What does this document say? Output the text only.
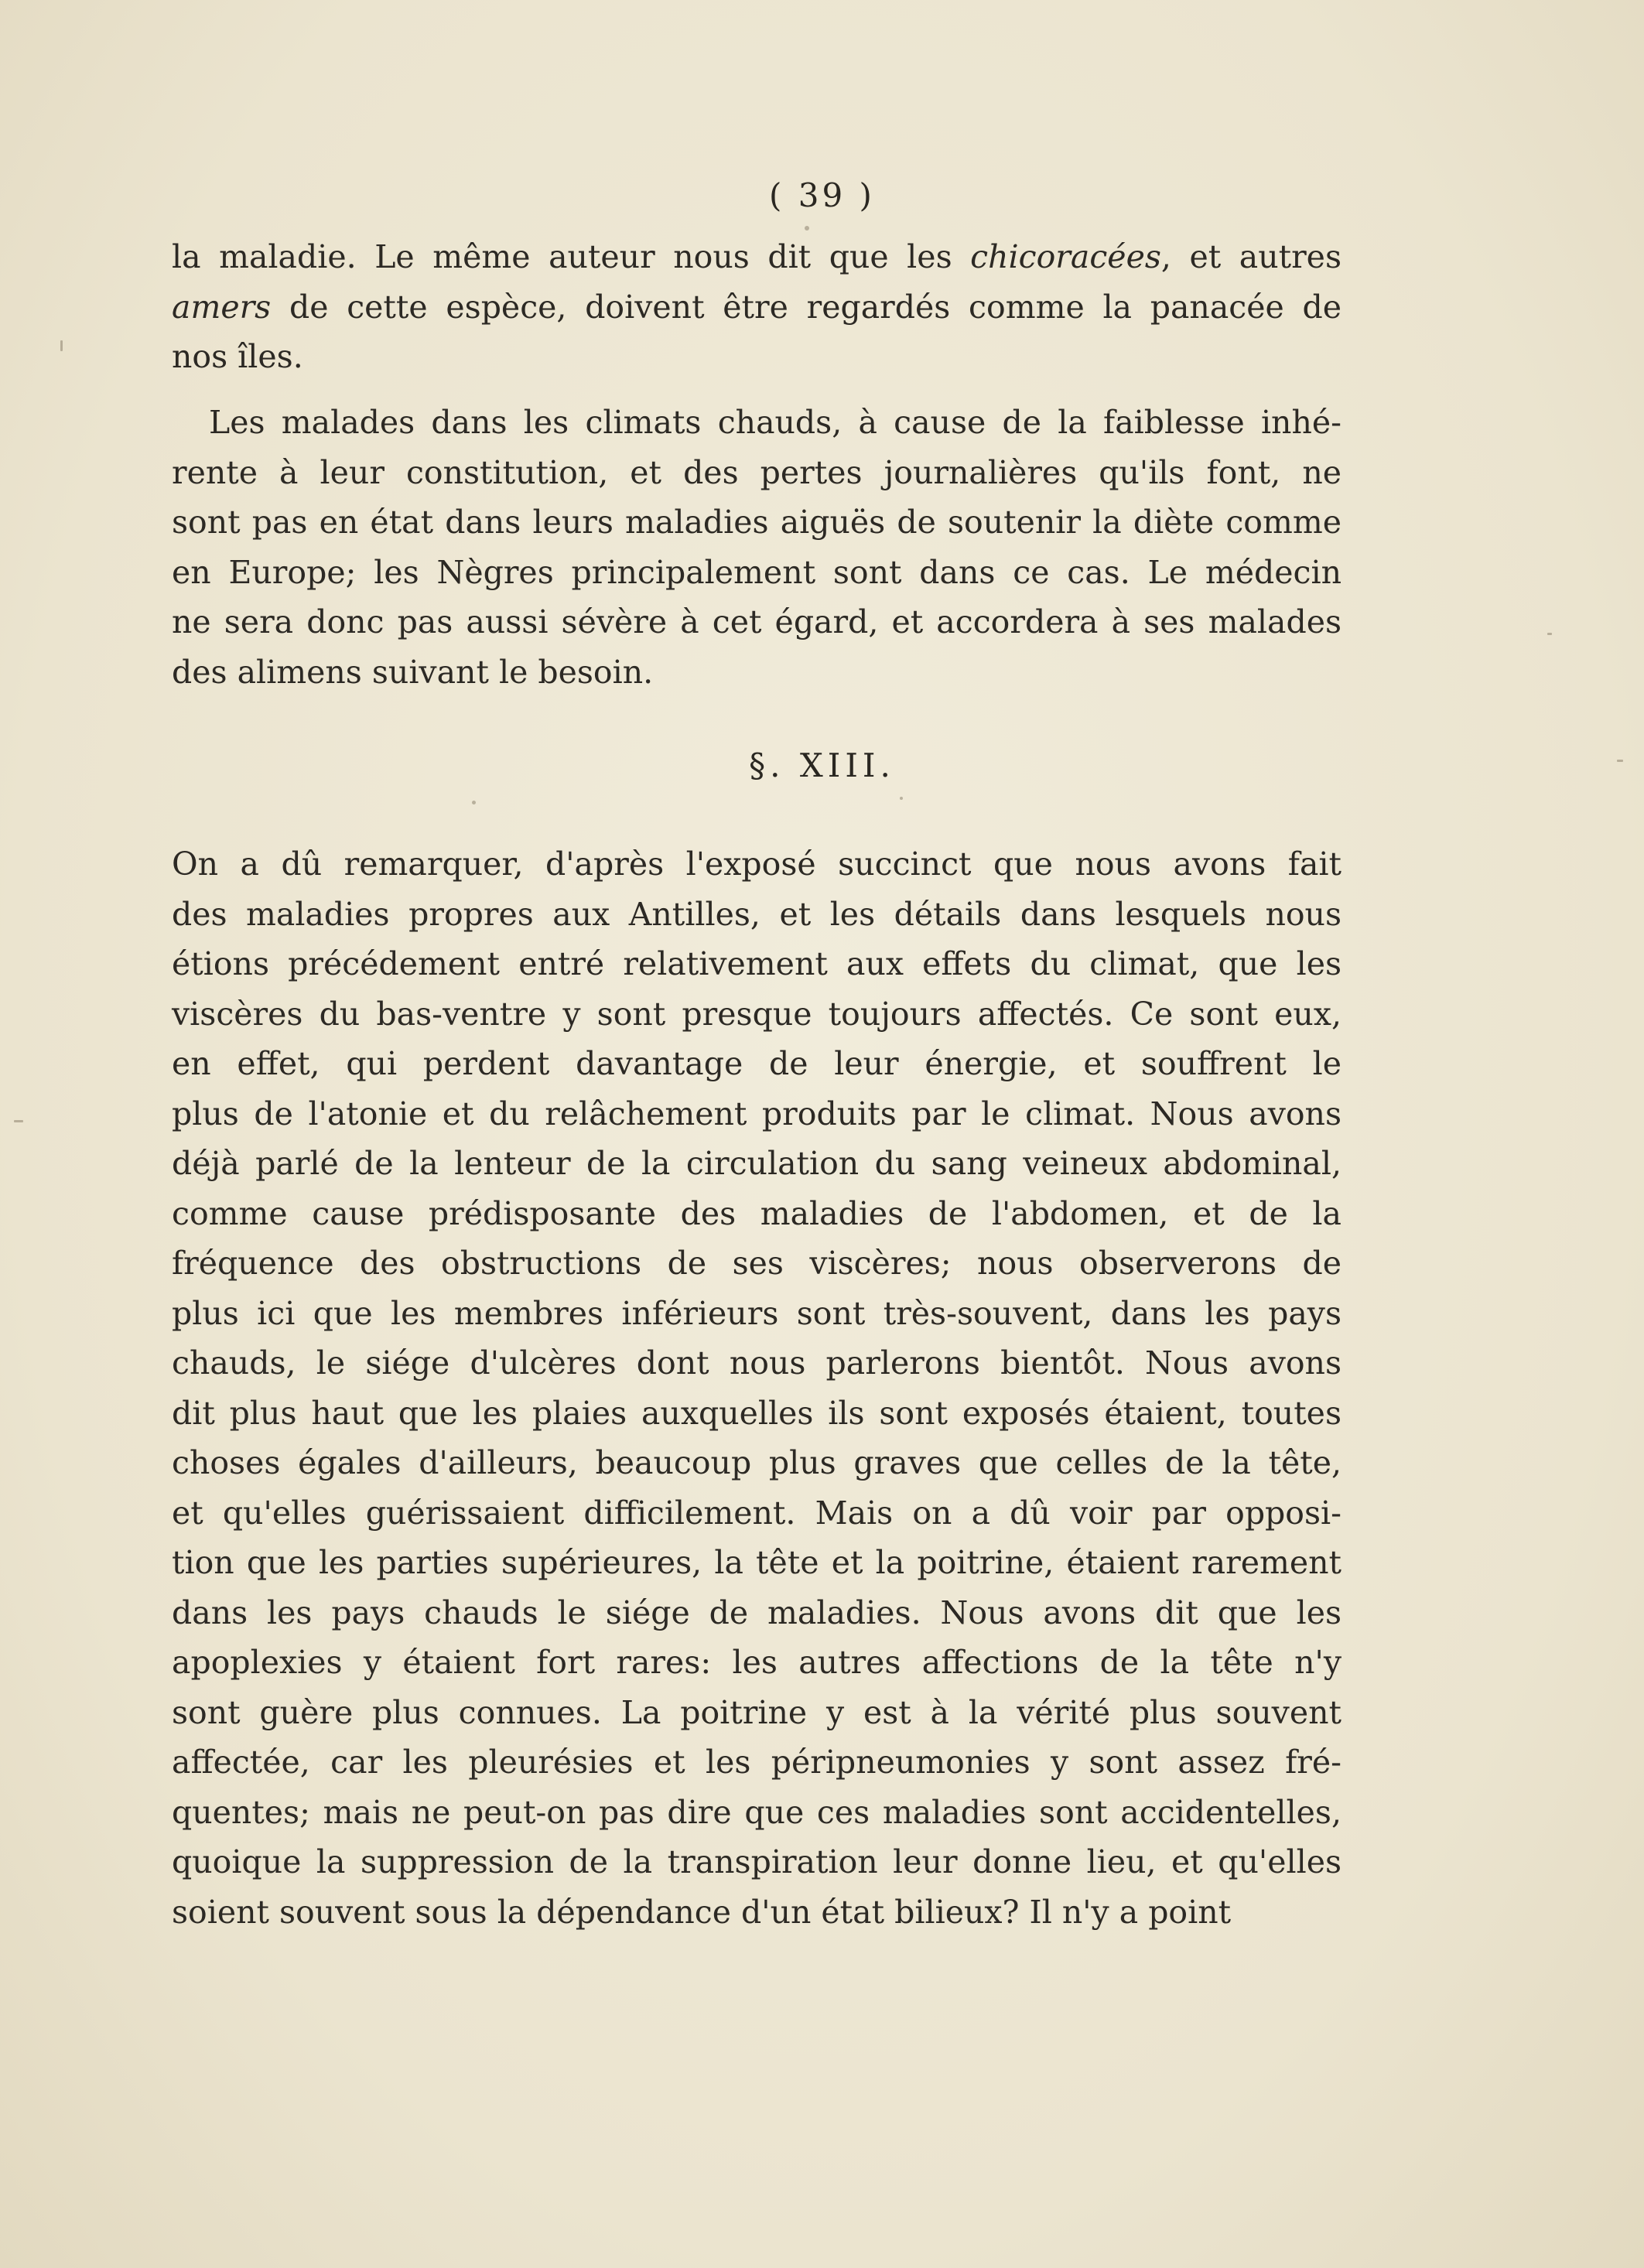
( 39 )
la maladie. Le même auteur nous dit que les chicoracées, et autres
amers de cette espèce, doivent être regardés comme la panacée de
nos îles.
Les malades dans les climats chauds, à cause de la faiblesse inhé-
rente à leur constitution, et des pertes journalières qu'ils font, ne
sont pas en état dans leurs maladies aiguës de soutenir la diète comme
en Europe; les Nègres principalement sont dans ce cas. Le médecin
ne sera donc pas aussi sévère à cet égard, et accordera à ses malades
des alimens suivant le besoin.
§. XIII.
On a dû remarquer, d'après l'exposé succinct que nous avons fait
des maladies propres aux Antilles, et les détails dans lesquels nous
étions précédement entré relativement aux effets du climat, que les
viscères du bas-ventre y sont presque toujours affectés. Ce sont eux,
en effet, qui perdent davantage de leur énergie, et souffrent le
plus de l'atonie et du relâchement produits par le climat. Nous avons
déjà parlé de la lenteur de la circulation du sang veineux abdominal,
comme cause prédisposante des maladies de l'abdomen, et de la
fréquence des obstructions de ses viscères; nous observerons de
plus ici que les membres inférieurs sont très-souvent, dans les pays
chauds, le siége d'ulcères dont nous parlerons bientôt. Nous avons
dit plus haut que les plaies auxquelles ils sont exposés étaient, toutes
choses égales d'ailleurs, beaucoup plus graves que celles de la tête,
et qu'elles guérissaient difficilement. Mais on a dû voir par opposi-
tion que les parties supérieures, la tête et la poitrine, étaient rarement
dans les pays chauds le siége de maladies. Nous avons dit que les
apoplexies y étaient fort rares: les autres affections de la tête n'y
sont guère plus connues. La poitrine y est à la vérité plus souvent
affectée, car les pleurésies et les péripneumonies y sont assez fré-
quentes; mais ne peut-on pas dire que ces maladies sont accidentelles,
quoique la suppression de la transpiration leur donne lieu, et qu'elles
soient souvent sous la dépendance d'un état bilieux? Il n'y a point
